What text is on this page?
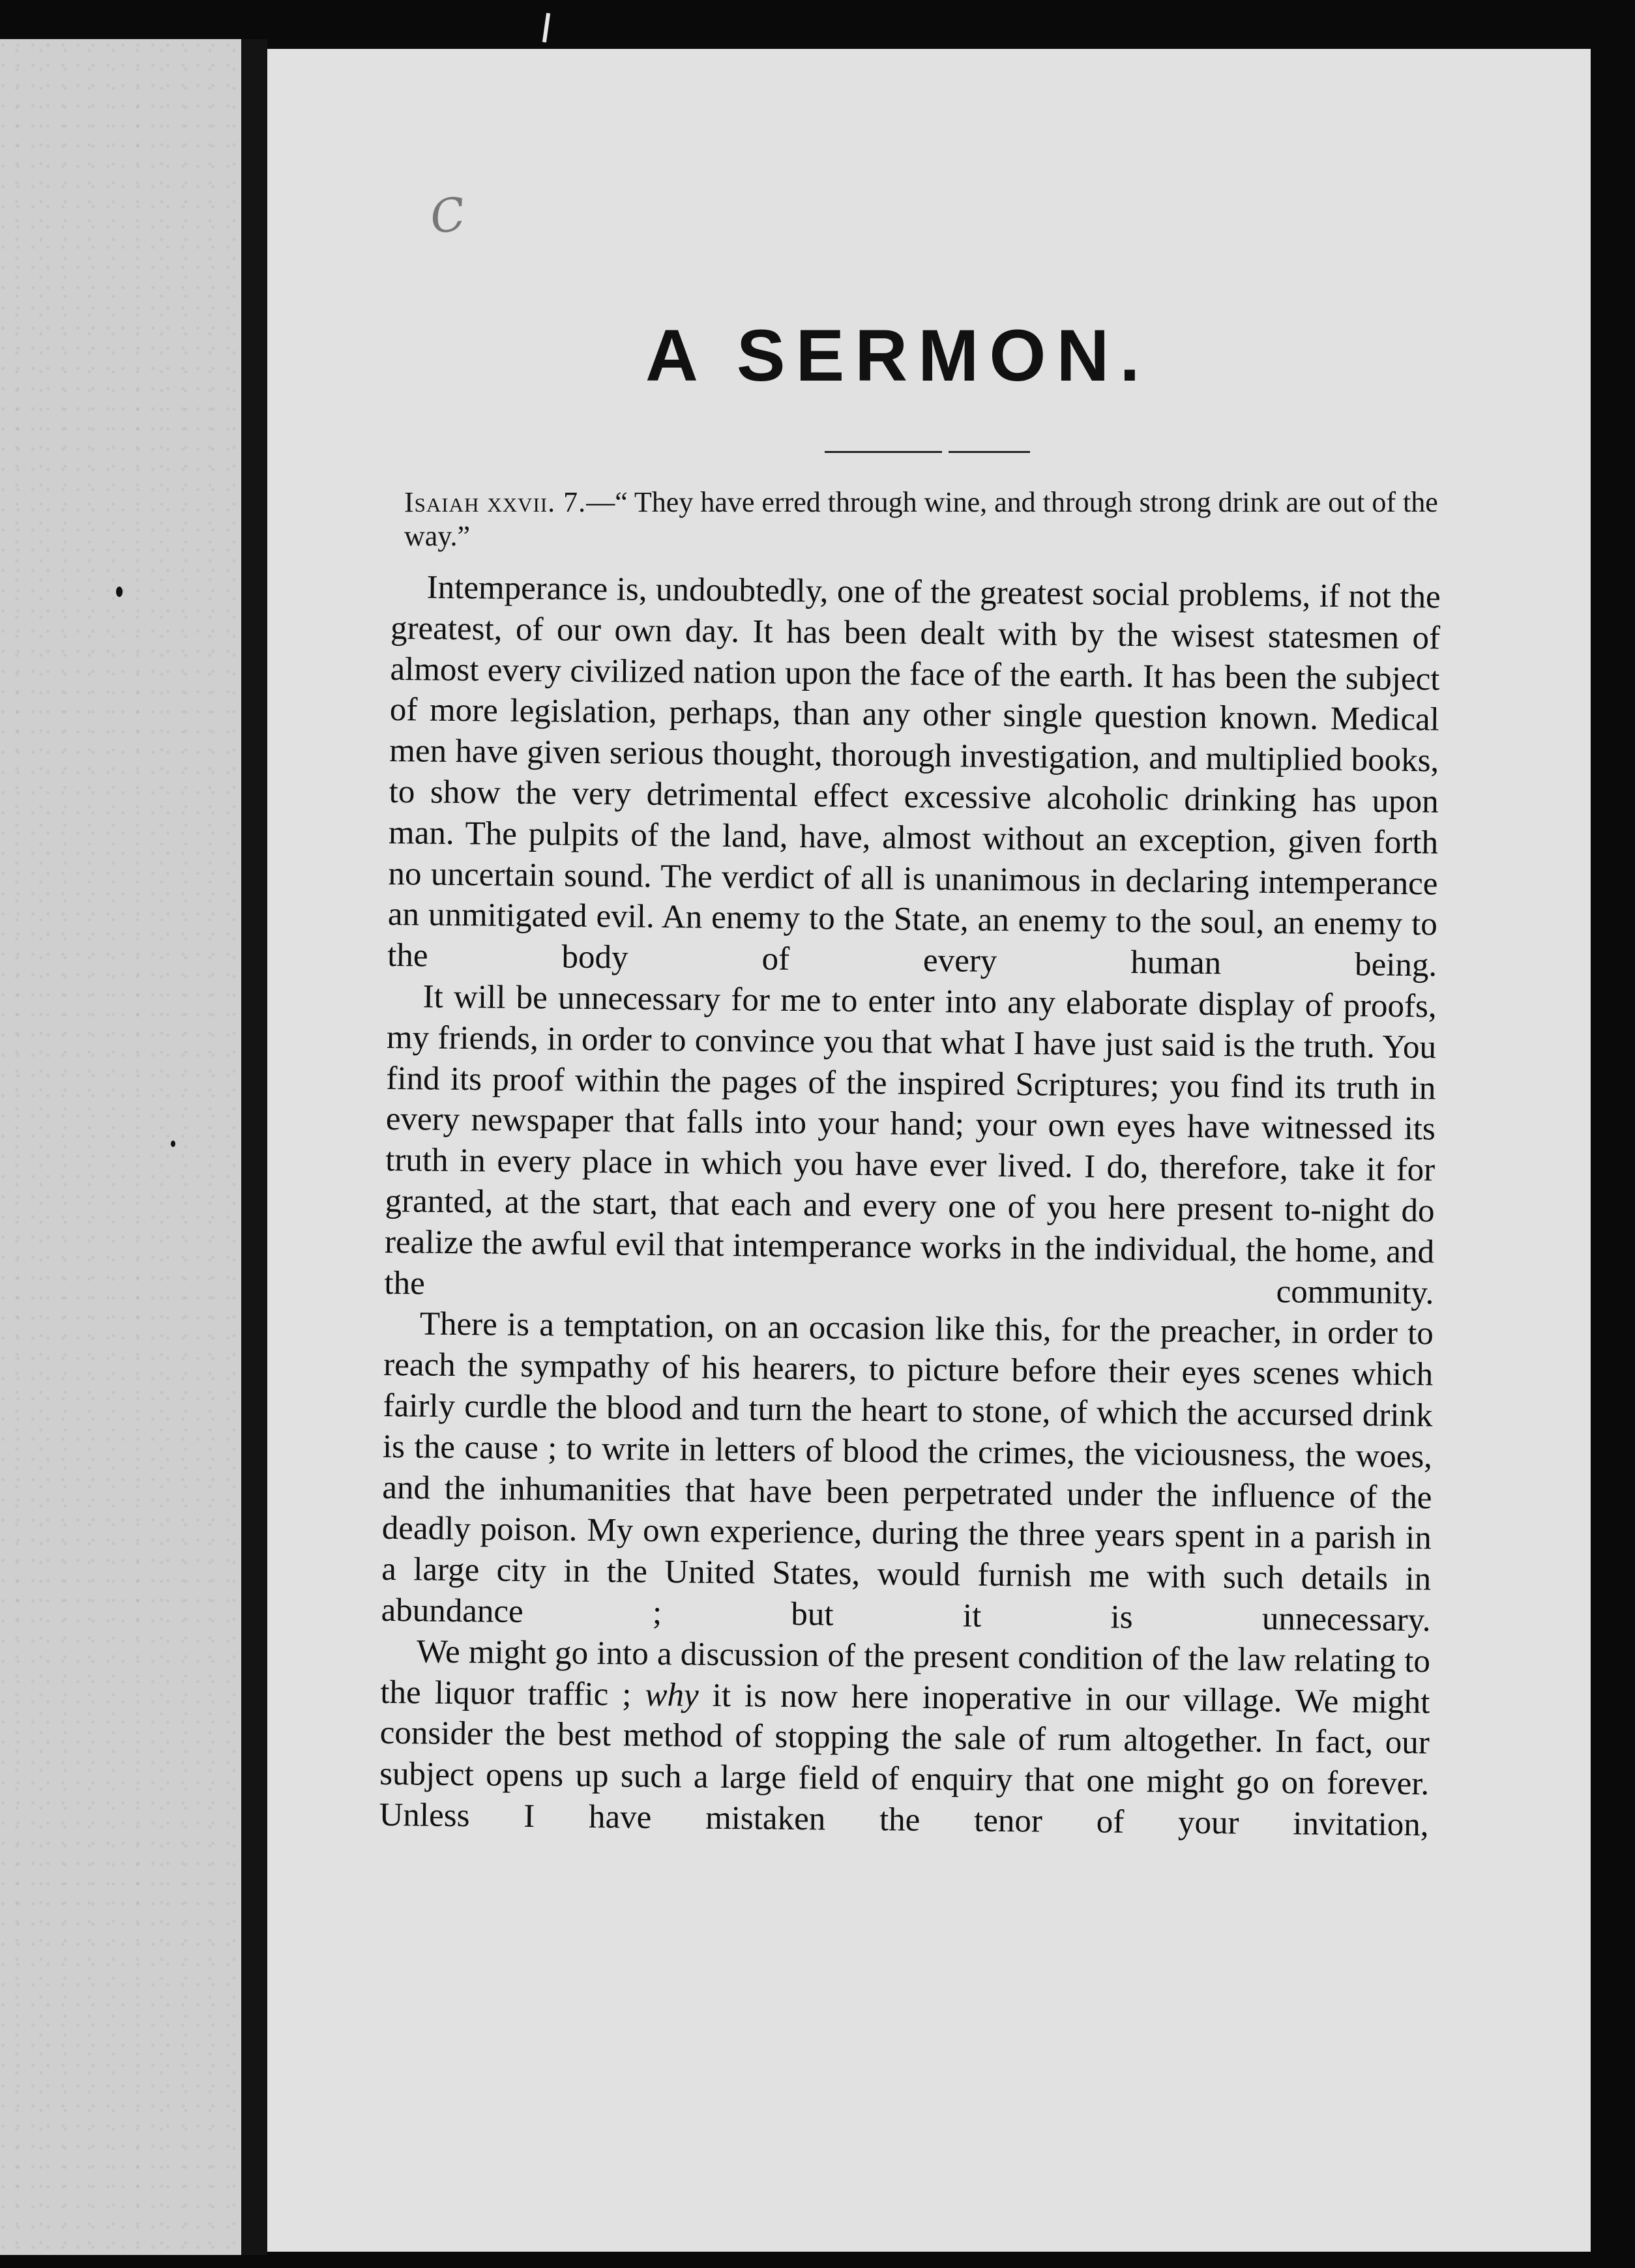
C
A SERMON.
Isaiah xxvii. 7.—“ They have erred through wine, and through strong drink are out of the way.”

Intemperance is, undoubtedly, one of the greatest social problems, if not the greatest, of our own day. It has been dealt with by the wisest statesmen of almost every civilized nation upon the face of the earth. It has been the subject of more legislation, perhaps, than any other single question known. Medical men have given serious thought, thorough investigation, and multiplied books, to show the very detrimental effect excessive alcoholic drinking has upon man. The pulpits of the land, have, almost without an exception, given forth no uncertain sound. The verdict of all is unanimous in declaring intemperance an unmitigated evil. An enemy to the State, an enemy to the soul, an enemy to the body of every human being.

It will be unnecessary for me to enter into any elaborate display of proofs, my friends, in order to convince you that what I have just said is the truth. You find its proof within the pages of the inspired Scriptures; you find its truth in every newspaper that falls into your hand; your own eyes have witnessed its truth in every place in which you have ever lived. I do, therefore, take it for granted, at the start, that each and every one of you here present to-night do realize the awful evil that intemperance works in the individual, the home, and the community.

There is a temptation, on an occasion like this, for the preacher, in order to reach the sympathy of his hearers, to picture before their eyes scenes which fairly curdle the blood and turn the heart to stone, of which the accursed drink is the cause ; to write in letters of blood the crimes, the viciousness, the woes, and the inhumanities that have been perpetrated under the influence of the deadly poison. My own experience, during the three years spent in a parish in a large city in the United States, would furnish me with such details in abundance ; but it is unnecessary.

We might go into a discussion of the present condition of the law relating to the liquor traffic ; why it is now here inoperative in our village. We might consider the best method of stopping the sale of rum altogether. In fact, our subject opens up such a large field of enquiry that one might go on forever. Unless I have mistaken the tenor of your invitation,
